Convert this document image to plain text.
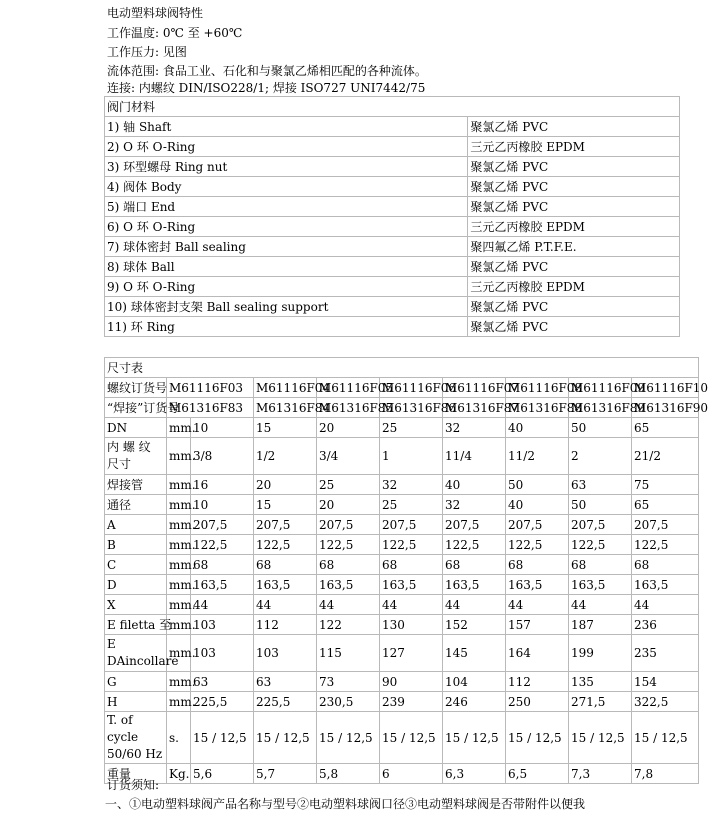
电动塑料球阀特性
工作温度: 0℃ 至 +60℃
工作压力: 见图
流体范围: 食品工业、石化和与聚氯乙烯相匹配的各种流体。
连接: 内螺纹 DIN/ISO228/1; 焊接 ISO727 UNI7442/75
阀门材料	
1) 轴 Shaft	聚氯乙烯 PVC
2) O 环 O-Ring	三元乙丙橡胶 EPDM
3) 环型螺母 Ring nut	聚氯乙烯 PVC
4) 阀体 Body	聚氯乙烯 PVC
5) 端口 End	聚氯乙烯 PVC
6) O 环 O-Ring	三元乙丙橡胶 EPDM
7) 球体密封 Ball sealing	聚四氟乙烯 P.T.F.E.
8) 球体 Ball	聚氯乙烯 PVC
9) O 环 O-Ring	三元乙丙橡胶 EPDM
10) 球体密封支架 Ball sealing support	聚氯乙烯 PVC
11) 环 Ring	聚氯乙烯 PVC
尺寸表									
螺纹订货号	M61116F03		M61116F04	M61116F05	M61116F06	M61116F07	M61116F08	M61116F09	M61116F10
“焊接”订货号	M61316F83		M61316F84	M61316F85	M61316F86	M61316F87	M61316F88	M61316F89	M61316F90
DN	mm.	10	15	20	25	32	40	50	65
内 螺 纹 尺寸	mm.	3/8	1/2	3/4	1	11/4	11/2	2	21/2
焊接管	mm.	16	20	25	32	40	50	63	75
通径	mm.	10	15	20	25	32	40	50	65
A	mm.	207,5	207,5	207,5	207,5	207,5	207,5	207,5	207,5
B	mm.	122,5	122,5	122,5	122,5	122,5	122,5	122,5	122,5
C	mm.	68	68	68	68	68	68	68	68
D	mm.	163,5	163,5	163,5	163,5	163,5	163,5	163,5	163,5
X	mm.	44	44	44	44	44	44	44	44
E filetta 至	mm.	103	112	122	130	152	157	187	236
E DAincollare	mm.	103	103	115	127	145	164	199	235
G	mm.	63	63	73	90	104	112	135	154
H	mm.	225,5	225,5	230,5	239	246	250	271,5	322,5
T. of cycle 50/60 Hz	s.	15 / 12,5	15 / 12,5	15 / 12,5	15 / 12,5	15 / 12,5	15 / 12,5	15 / 12,5	15 / 12,5
重量	Kg.	5,6	5,7	5,8	6	6,3	6,5	7,3	7,8
订货须知:
一、①电动塑料球阀产品名称与型号②电动塑料球阀口径③电动塑料球阀是否带附件以便我
